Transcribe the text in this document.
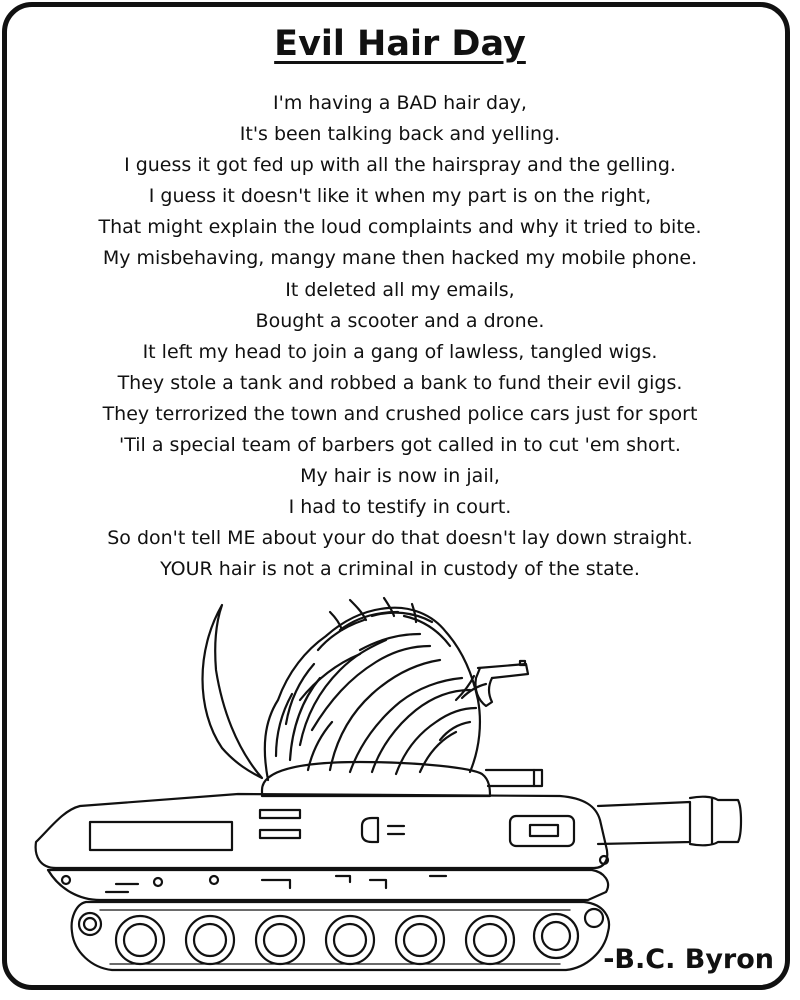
Evil Hair Day
I'm having a BAD hair day,
It's been talking back and yelling.
I guess it got fed up with all the hairspray and the gelling.
I guess it doesn't like it when my part is on the right,
That might explain the loud complaints and why it tried to bite.
My misbehaving, mangy mane then hacked my mobile phone.
It deleted all my emails,
Bought a scooter and a drone.
It left my head to join a gang of lawless, tangled wigs.
They stole a tank and robbed a bank to fund their evil gigs.
They terrorized the town and crushed police cars just for sport
'Til a special team of barbers got called in to cut 'em short.
My hair is now in jail,
I had to testify in court.
So don't tell ME about your do that doesn't lay down straight.
YOUR hair is not a criminal in custody of the state.
-B.C. Byron
